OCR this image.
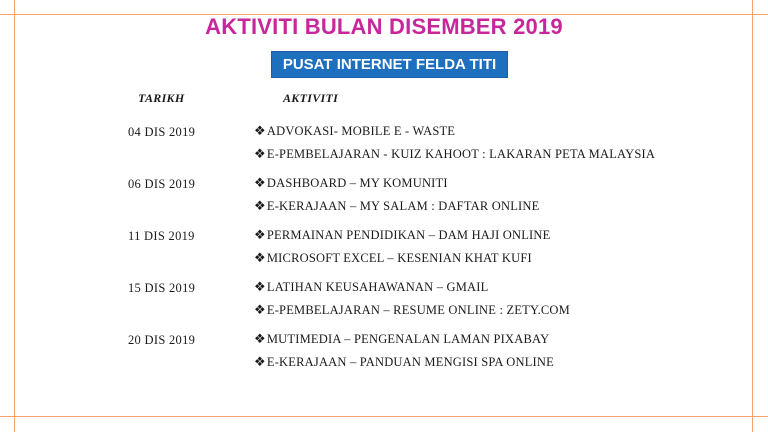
AKTIVITI BULAN DISEMBER 2019
PUSAT INTERNET FELDA TITI
TARIKH	AKTIVITI
04 DIS 2019	❖ ADVOKASI- MOBILE E - WASTE
❖ E-PEMBELAJARAN - KUIZ KAHOOT : LAKARAN PETA MALAYSIA
06 DIS 2019	❖ DASHBOARD – MY KOMUNITI
❖ E-KERAJAAN – MY SALAM : DAFTAR ONLINE
11 DIS 2019	❖ PERMAINAN PENDIDIKAN – DAM HAJI ONLINE
❖ MICROSOFT EXCEL – KESENIAN KHAT KUFI
15 DIS 2019	❖ LATIHAN KEUSAHAWANAN – GMAIL
❖ E-PEMBELAJARAN – RESUME ONLINE : ZETY.COM
20 DIS 2019	❖ MUTIMEDIA – PENGENALAN LAMAN PIXABAY
❖ E-KERAJAAN – PANDUAN MENGISI SPA ONLINE
